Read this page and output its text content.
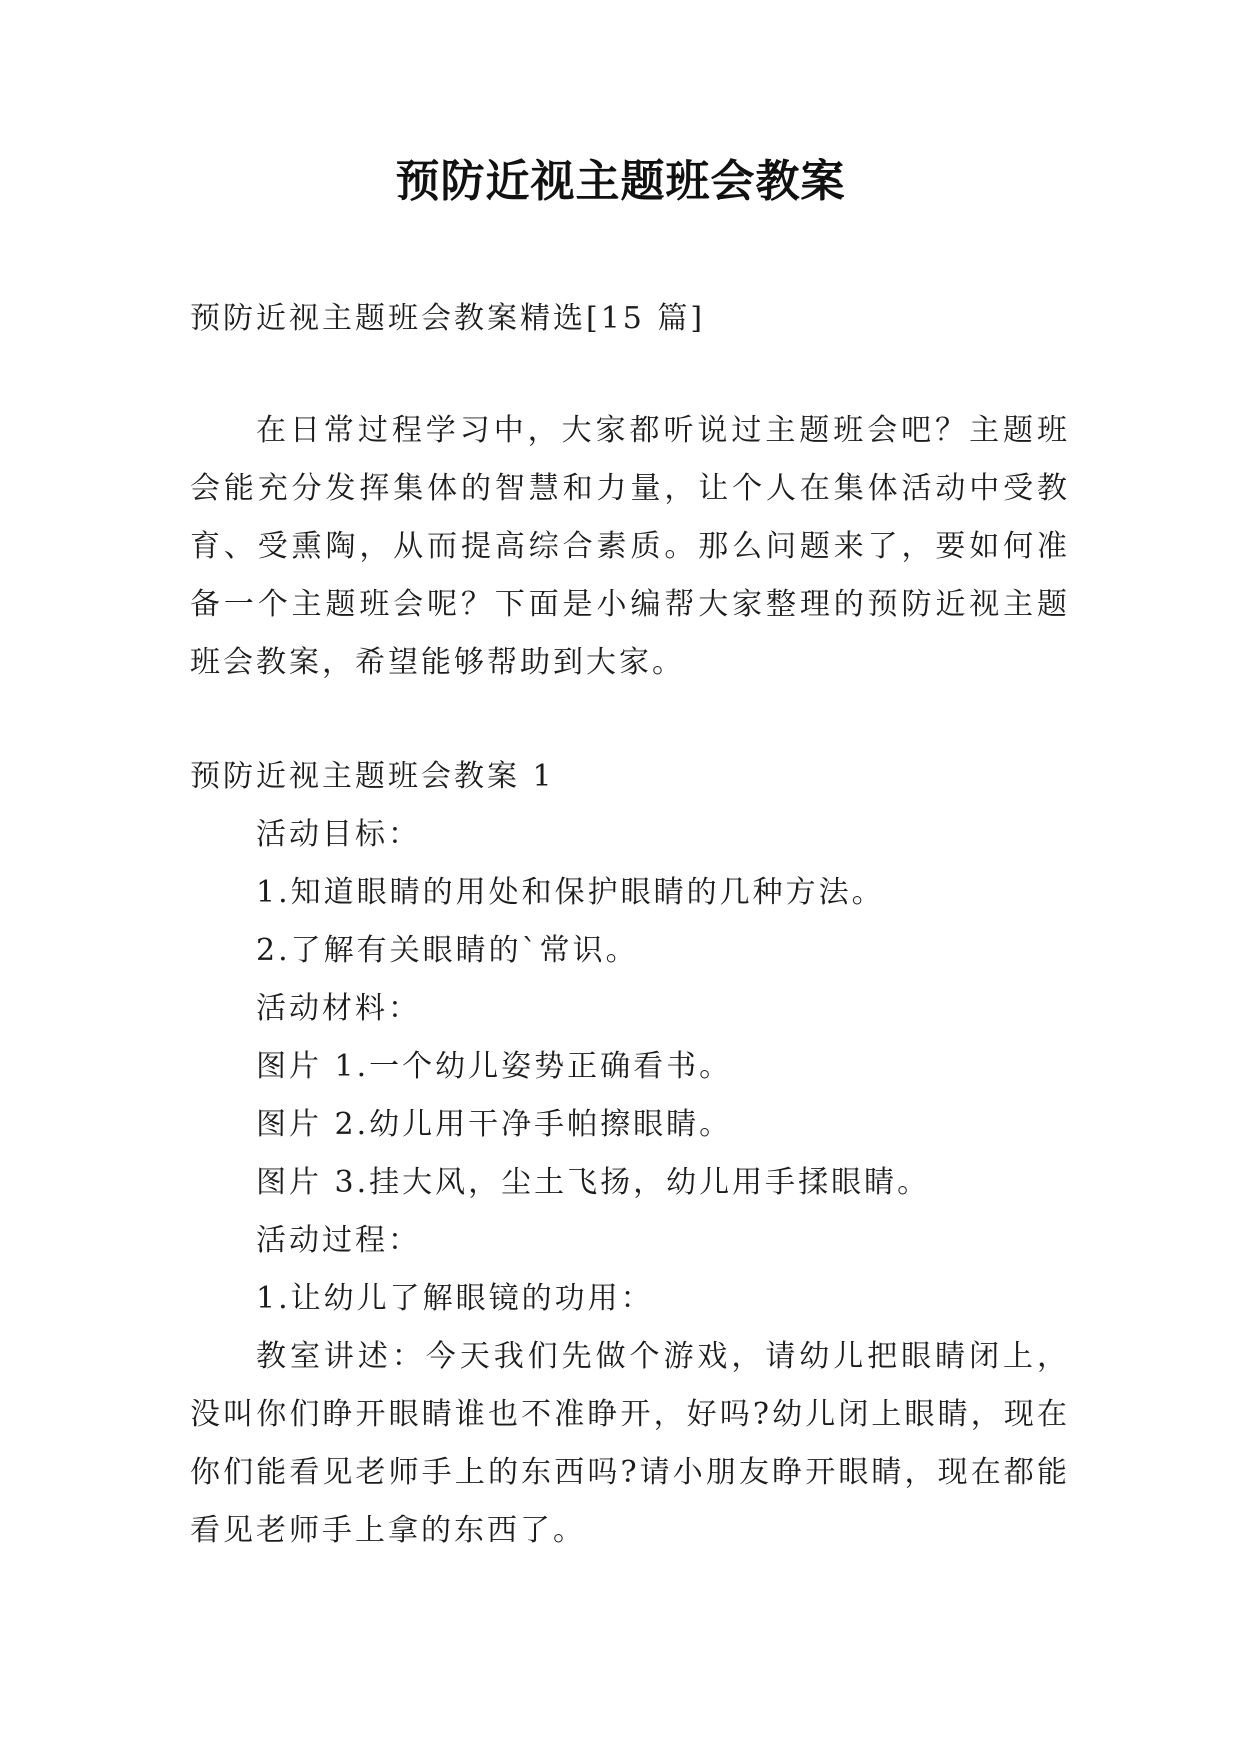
预防近视主题班会教案

预防近视主题班会教案精选[15 篇]

在日常过程学习中，大家都听说过主题班会吧？主题班会能充分发挥集体的智慧和力量，让个人在集体活动中受教育、受熏陶，从而提高综合素质。那么问题来了，要如何准备一个主题班会呢？下面是小编帮大家整理的预防近视主题班会教案，希望能够帮助到大家。

预防近视主题班会教案 1

活动目标：

1.知道眼睛的用处和保护眼睛的几种方法。

2.了解有关眼睛的`常识。

活动材料：

图片 1.一个幼儿姿势正确看书。

图片 2.幼儿用干净手帕擦眼睛。

图片 3.挂大风，尘土飞扬，幼儿用手揉眼睛。

活动过程：

1.让幼儿了解眼镜的功用：

教室讲述：今天我们先做个游戏，请幼儿把眼睛闭上，没叫你们睁开眼睛谁也不准睁开，好吗?幼儿闭上眼睛，现在你们能看见老师手上的东西吗?请小朋友睁开眼睛，现在都能看见老师手上拿的东西了。
